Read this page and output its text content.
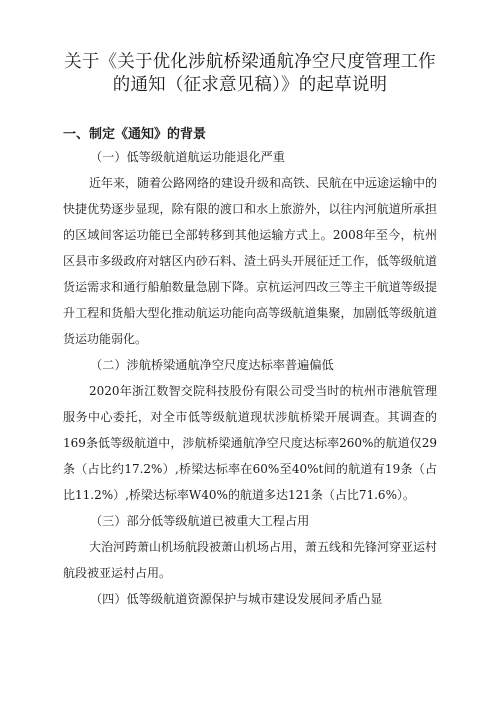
关于《关于优化涉航桥梁通航净空尺度管理工作
的通知（征求意见稿）》的起草说明
一、制定《通知》的背景
（一）低等级航道航运功能退化严重

近年来，随着公路网络的建设升级和高铁、民航在中远途运输中的快捷优势逐步显现，除有限的渡口和水上旅游外，以往内河航道所承担的区域间客运功能已全部转移到其他运输方式上。2008年至今，杭州区县市多级政府对辖区内砂石料、渣土码头开展征迁工作，低等级航道货运需求和通行船舶数量急剧下降。京杭运河四改三等主干航道等级提升工程和货船大型化推动航运功能向高等级航道集聚，加剧低等级航道货运功能弱化。

（二）涉航桥梁通航净空尺度达标率普遍偏低

2020年浙江数智交院科技股份有限公司受当时的杭州市港航管理服务中心委托，对全市低等级航道现状涉航桥梁开展调查。其调查的169条低等级航道中，涉航桥梁通航净空尺度达标率260%的航道仅29条（占比约17.2%）,桥梁达标率在60%至40%t间的航道有19条（占比11.2%）,桥梁达标率W40%的航道多达121条（占比71.6%）。

（三）部分低等级航道已被重大工程占用

大治河跨萧山机场航段被萧山机场占用，萧五线和先锋河穿亚运村航段被亚运村占用。

（四）低等级航道资源保护与城市建设发展间矛盾凸显
